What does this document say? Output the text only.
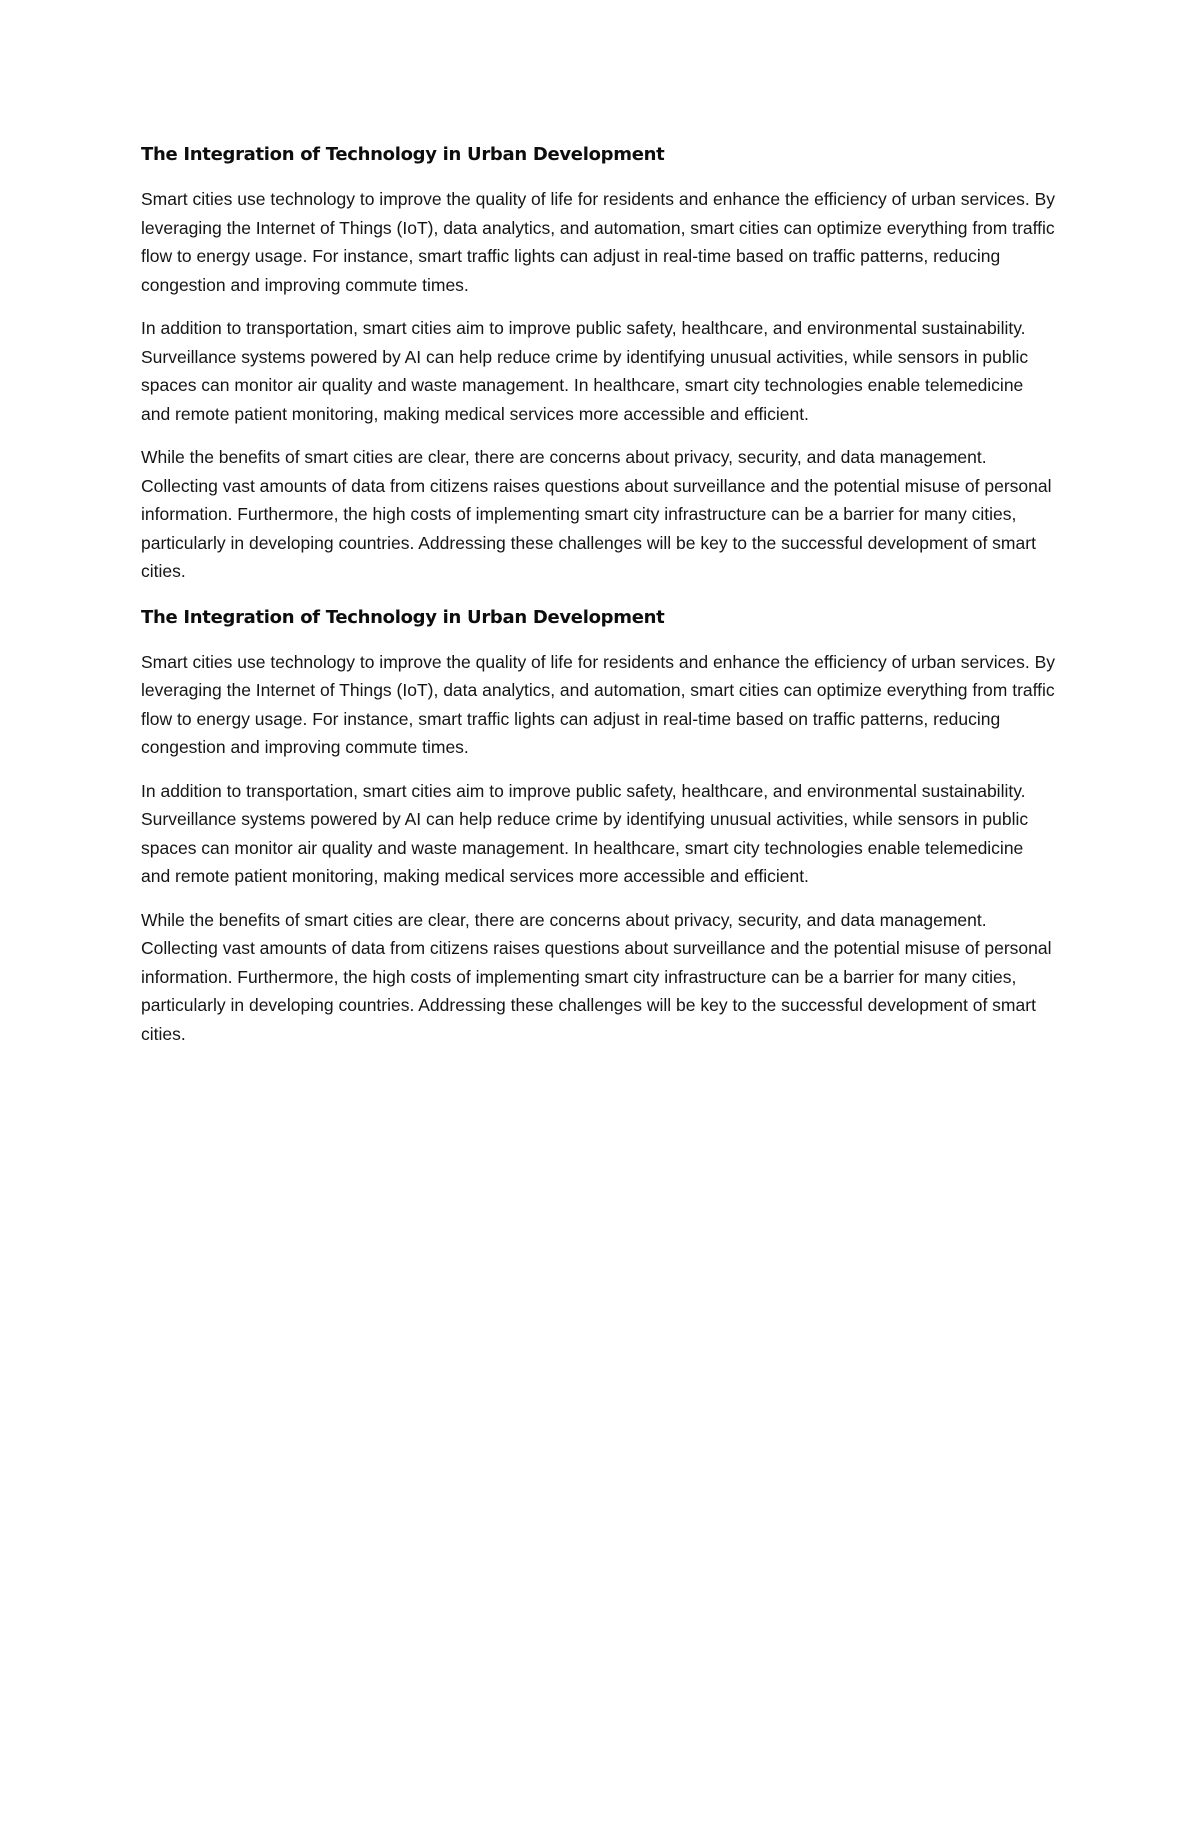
The Integration of Technology in Urban Development

Smart cities use technology to improve the quality of life for residents and enhance the efficiency of urban services. By leveraging the Internet of Things (IoT), data analytics, and automation, smart cities can optimize everything from traffic flow to energy usage. For instance, smart traffic lights can adjust in real-time based on traffic patterns, reducing congestion and improving commute times.

In addition to transportation, smart cities aim to improve public safety, healthcare, and environmental sustainability. Surveillance systems powered by AI can help reduce crime by identifying unusual activities, while sensors in public spaces can monitor air quality and waste management. In healthcare, smart city technologies enable telemedicine and remote patient monitoring, making medical services more accessible and efficient.

While the benefits of smart cities are clear, there are concerns about privacy, security, and data management. Collecting vast amounts of data from citizens raises questions about surveillance and the potential misuse of personal information. Furthermore, the high costs of implementing smart city infrastructure can be a barrier for many cities, particularly in developing countries. Addressing these challenges will be key to the successful development of smart cities.

The Integration of Technology in Urban Development

Smart cities use technology to improve the quality of life for residents and enhance the efficiency of urban services. By leveraging the Internet of Things (IoT), data analytics, and automation, smart cities can optimize everything from traffic flow to energy usage. For instance, smart traffic lights can adjust in real-time based on traffic patterns, reducing congestion and improving commute times.

In addition to transportation, smart cities aim to improve public safety, healthcare, and environmental sustainability. Surveillance systems powered by AI can help reduce crime by identifying unusual activities, while sensors in public spaces can monitor air quality and waste management. In healthcare, smart city technologies enable telemedicine and remote patient monitoring, making medical services more accessible and efficient.

While the benefits of smart cities are clear, there are concerns about privacy, security, and data management. Collecting vast amounts of data from citizens raises questions about surveillance and the potential misuse of personal information. Furthermore, the high costs of implementing smart city infrastructure can be a barrier for many cities, particularly in developing countries. Addressing these challenges will be key to the successful development of smart cities.
